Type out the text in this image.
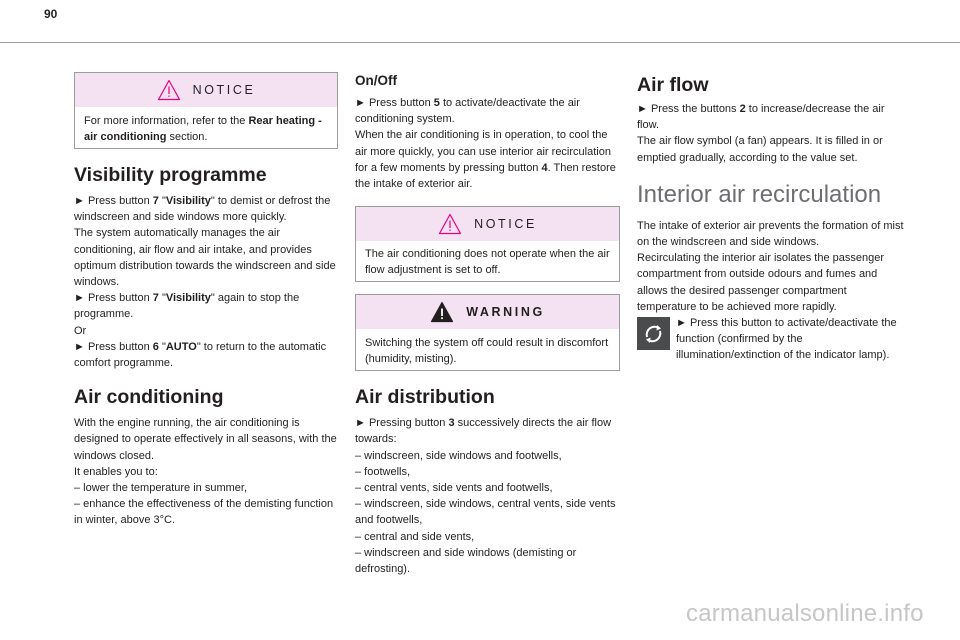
90
NOTICE
For more information, refer to the Rear heating - air conditioning section.
Visibility programme
► Press button 7 "Visibility" to demist or defrost the windscreen and side windows more quickly.
The system automatically manages the air conditioning, air flow and air intake, and provides optimum distribution towards the windscreen and side windows.
► Press button 7 "Visibility" again to stop the programme.
Or
► Press button 6 "AUTO" to return to the automatic comfort programme.
Air conditioning
With the engine running, the air conditioning is designed to operate effectively in all seasons, with the windows closed.
It enables you to:
– lower the temperature in summer,
– enhance the effectiveness of the demisting function in winter, above 3°C.
On/Off
► Press button 5 to activate/deactivate the air conditioning system.
When the air conditioning is in operation, to cool the air more quickly, you can use interior air recirculation for a few moments by pressing button 4. Then restore the intake of exterior air.
NOTICE
The air conditioning does not operate when the air flow adjustment is set to off.
WARNING
Switching the system off could result in discomfort (humidity, misting).
Air distribution
► Pressing button 3 successively directs the air flow towards:
– windscreen, side windows and footwells,
– footwells,
– central vents, side vents and footwells,
– windscreen, side windows, central vents, side vents and footwells,
– central and side vents,
– windscreen and side windows (demisting or defrosting).
Air flow
► Press the buttons 2 to increase/decrease the air flow.
The air flow symbol (a fan) appears. It is filled in or emptied gradually, according to the value set.
Interior air recirculation
The intake of exterior air prevents the formation of mist on the windscreen and side windows.
Recirculating the interior air isolates the passenger compartment from outside odours and fumes and allows the desired passenger compartment temperature to be achieved more rapidly.
► Press this button to activate/deactivate the function (confirmed by the illumination/extinction of the indicator lamp).
carmanualsonline.info
